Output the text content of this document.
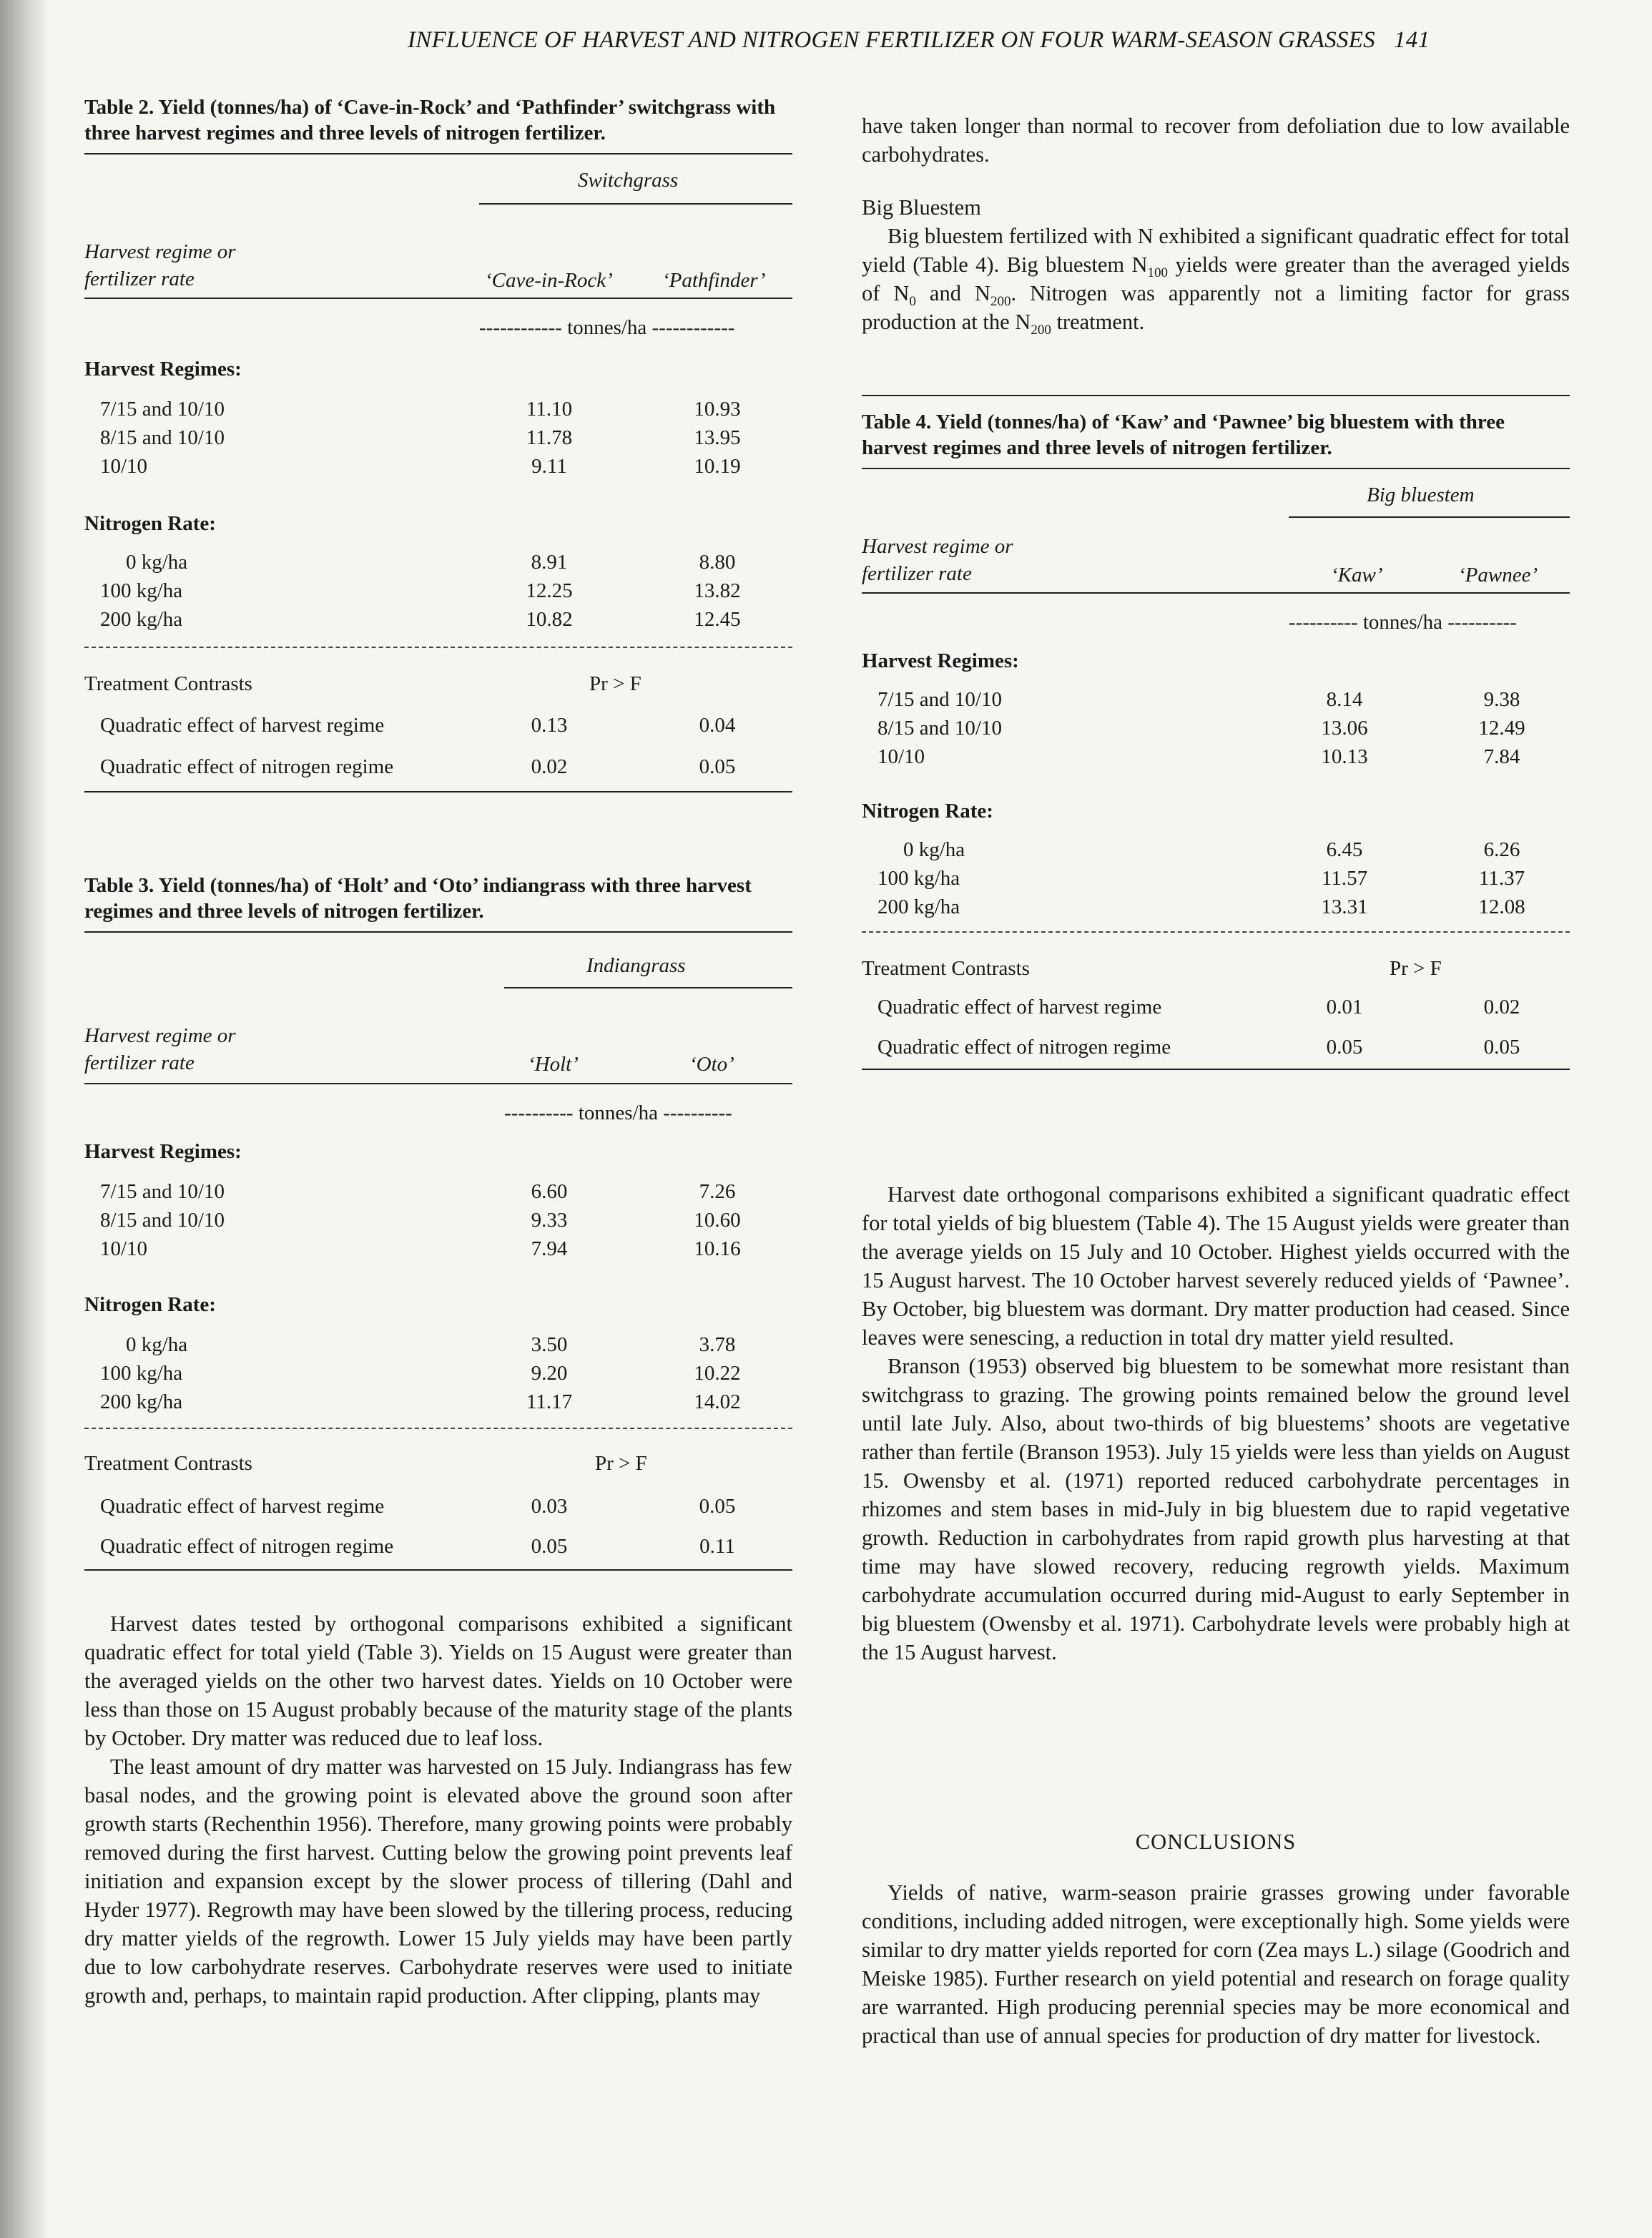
INFLUENCE OF HARVEST AND NITROGEN FERTILIZER ON FOUR WARM-SEASON GRASSES 141
Table 2. Yield (tonnes/ha) of ‘Cave-in-Rock’ and ‘Pathfinder’ switchgrass with three harvest regimes and three levels of nitrogen fertilizer.
Switchgrass
Harvest regime or
fertilizer rate	‘Cave-in-Rock’ ‘Pathfinder’
------------ tonnes/ha ------------
Harvest Regimes:
7/15 and 10/10	11.10	10.93
8/15 and 10/10	11.78	13.95
10/10	9.11	10.19
Nitrogen Rate:
0 kg/ha	8.91	8.80
100 kg/ha	12.25	13.82
200 kg/ha	10.82	12.45
Treatment Contrasts	Pr > F
Quadratic effect of harvest regime	0.13	0.04
Quadratic effect of nitrogen regime	0.02	0.05
Table 3. Yield (tonnes/ha) of ‘Holt’ and ‘Oto’ indiangrass with three harvest regimes and three levels of nitrogen fertilizer.
Indiangrass
Harvest regime or
fertilizer rate	‘Holt’	‘Oto’
---------- tonnes/ha ----------
Harvest Regimes:
7/15 and 10/10	6.60	7.26
8/15 and 10/10	9.33	10.60
10/10	7.94	10.16
Nitrogen Rate:
0 kg/ha	3.50	3.78
100 kg/ha	9.20	10.22
200 kg/ha	11.17	14.02
Treatment Contrasts	Pr > F
Quadratic effect of harvest regime	0.03	0.05
Quadratic effect of nitrogen regime	0.05	0.11

Harvest dates tested by orthogonal comparisons exhibited a significant quadratic effect for total yield (Table 3). Yields on 15 August were greater than the averaged yields on the other two harvest dates. Yields on 10 October were less than those on 15 August probably because of the maturity stage of the plants by October. Dry matter was reduced due to leaf loss.

The least amount of dry matter was harvested on 15 July. Indiangrass has few basal nodes, and the growing point is elevated above the ground soon after growth starts (Rechenthin 1956). Therefore, many growing points were probably removed during the first harvest. Cutting below the growing point prevents leaf initiation and expansion except by the slower process of tillering (Dahl and Hyder 1977). Regrowth may have been slowed by the tillering process, reducing dry matter yields of the regrowth. Lower 15 July yields may have been partly due to low carbohydrate reserves. Carbohydrate reserves were used to initiate growth and, perhaps, to maintain rapid production. After clipping, plants may

have taken longer than normal to recover from defoliation due to low available carbohydrates.
Big Bluestem
Big bluestem fertilized with N exhibited a significant quadratic effect for total yield (Table 4). Big bluestem $N_{100}$ yields were greater than the averaged yields of $N_0$ and $N_{200}$. Nitrogen was apparently not a limiting factor for grass production at the $N_{200}$ treatment.
Table 4. Yield (tonnes/ha) of ‘Kaw’ and ‘Pawnee’ big bluestem with three harvest regimes and three levels of nitrogen fertilizer.
Big bluestem
Harvest regime or
fertilizer rate	‘Kaw’	‘Pawnee’
---------- tonnes/ha ----------
Harvest Regimes:
7/15 and 10/10	8.14	9.38
8/15 and 10/10	13.06	12.49
10/10	10.13	7.84
Nitrogen Rate:
0 kg/ha	6.45	6.26
100 kg/ha	11.57	11.37
200 kg/ha	13.31	12.08
Treatment Contrasts	Pr > F
Quadratic effect of harvest regime	0.01	0.02
Quadratic effect of nitrogen regime	0.05	0.05

Harvest date orthogonal comparisons exhibited a significant quadratic effect for total yields of big bluestem (Table 4). The 15 August yields were greater than the average yields on 15 July and 10 October. Highest yields occurred with the 15 August harvest. The 10 October harvest severely reduced yields of ‘Pawnee’. By October, big bluestem was dormant. Dry matter production had ceased. Since leaves were senescing, a reduction in total dry matter yield resulted.

Branson (1953) observed big bluestem to be somewhat more resistant than switchgrass to grazing. The growing points remained below the ground level until late July. Also, about two-thirds of big bluestems’ shoots are vegetative rather than fertile (Branson 1953). July 15 yields were less than yields on August 15. Owensby et al. (1971) reported reduced carbohydrate percentages in rhizomes and stem bases in mid-July in big bluestem due to rapid vegetative growth. Reduction in carbohydrates from rapid growth plus harvesting at that time may have slowed recovery, reducing regrowth yields. Maximum carbohydrate accumulation occurred during mid-August to early September in big bluestem (Owensby et al. 1971). Carbohydrate levels were probably high at the 15 August harvest.

CONCLUSIONS

Yields of native, warm-season prairie grasses growing under favorable conditions, including added nitrogen, were exceptionally high. Some yields were similar to dry matter yields reported for corn (Zea mays L.) silage (Goodrich and Meiske 1985). Further research on yield potential and research on forage quality are warranted. High producing perennial species may be more economical and practical than use of annual species for production of dry matter for livestock.
